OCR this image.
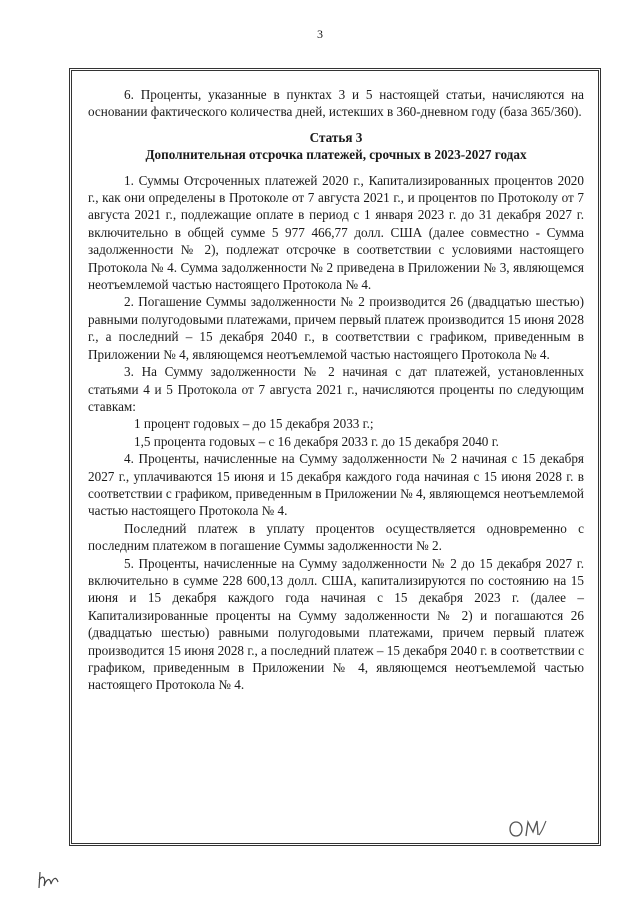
3

6. Проценты, указанные в пунктах 3 и 5 настоящей статьи, начисляются на основании фактического количества дней, истекших в 360-дневном году (база 365/360).

Статья 3

Дополнительная отсрочка платежей, срочных в 2023-2027 годах

1. Суммы Отсроченных платежей 2020 г., Капитализированных процентов 2020 г., как они определены в Протоколе от 7 августа 2021 г., и процентов по Протоколу от 7 августа 2021 г., подлежащие оплате в период с 1 января 2023 г. до 31 декабря 2027 г. включительно в общей сумме 5 977 466,77 долл. США (далее совместно - Сумма задолженности № 2), подлежат отсрочке в соответствии с условиями настоящего Протокола № 4. Сумма задолженности № 2 приведена в Приложении № 3, являющемся неотъемлемой частью настоящего Протокола № 4.

2. Погашение Суммы задолженности № 2 производится 26 (двадцатью шестью) равными полугодовыми платежами, причем первый платеж производится 15 июня 2028 г., а последний – 15 декабря 2040 г., в соответствии с графиком, приведенным в Приложении № 4, являющемся неотъемлемой частью настоящего Протокола № 4.

3. На Сумму задолженности № 2 начиная с дат платежей, установленных статьями 4 и 5 Протокола от 7 августа 2021 г., начисляются проценты по следующим ставкам:

1 процент годовых – до 15 декабря 2033 г.;

1,5 процента годовых – с 16 декабря 2033 г. до 15 декабря 2040 г.

4. Проценты, начисленные на Сумму задолженности № 2 начиная с 15 декабря 2027 г., уплачиваются 15 июня и 15 декабря каждого года начиная с 15 июня 2028 г. в соответствии с графиком, приведенным в Приложении № 4, являющемся неотъемлемой частью настоящего Протокола № 4.

Последний платеж в уплату процентов осуществляется одновременно с последним платежом в погашение Суммы задолженности № 2.

5. Проценты, начисленные на Сумму задолженности № 2 до 15 декабря 2027 г. включительно в сумме 228 600,13 долл. США, капитализируются по состоянию на 15 июня и 15 декабря каждого года начиная с 15 декабря 2023 г. (далее – Капитализированные проценты на Сумму задолженности № 2) и погашаются 26 (двадцатью шестью) равными полугодовыми платежами, причем первый платеж производится 15 июня 2028 г., а последний платеж – 15 декабря 2040 г. в соответствии с графиком, приведенным в Приложении № 4, являющемся неотъемлемой частью настоящего Протокола № 4.
